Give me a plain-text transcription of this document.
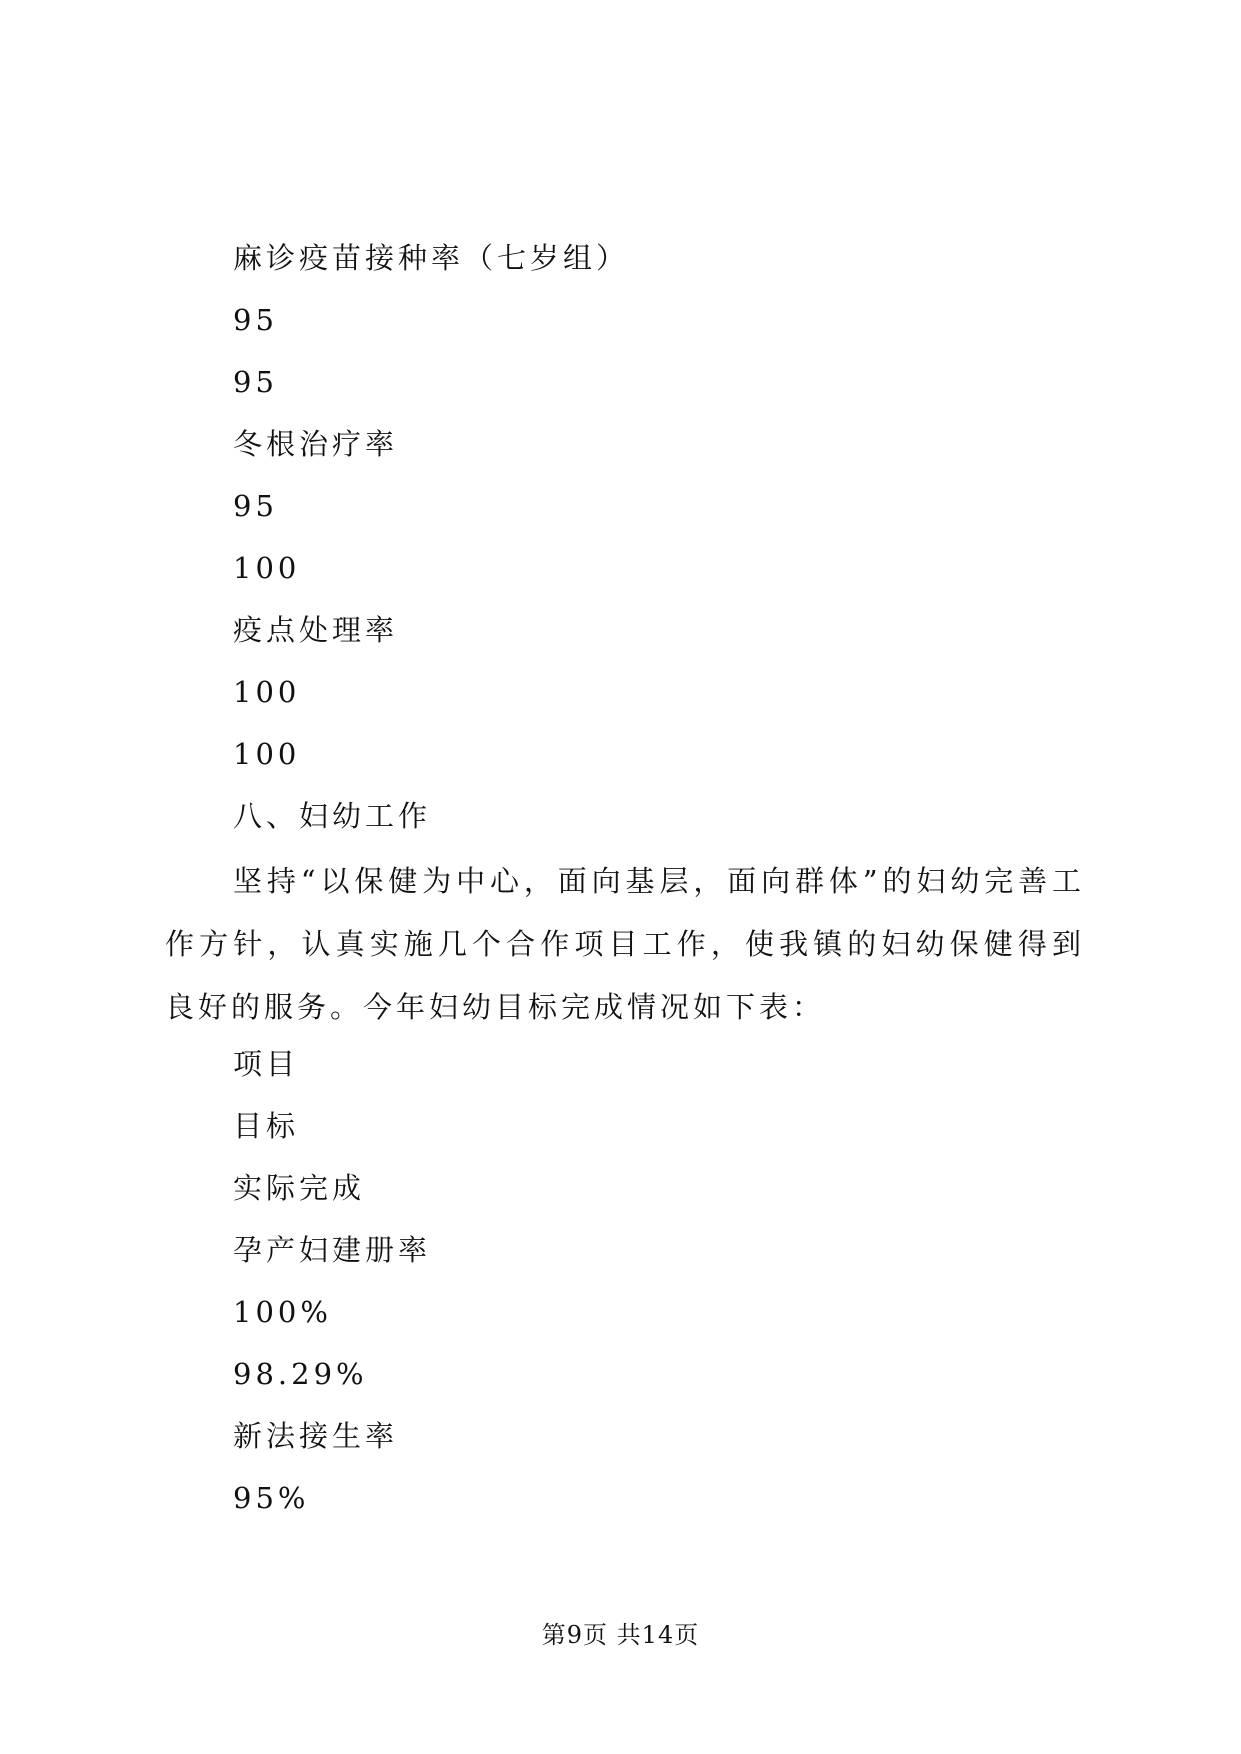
麻诊疫苗接种率（七岁组）
95
95
冬根治疗率
95
100
疫点处理率
100
100
八、妇幼工作

坚持“以保健为中心，面向基层，面向群体”的妇幼完善工作方针，认真实施几个合作项目工作，使我镇的妇幼保健得到良好的服务。今年妇幼目标完成情况如下表：

项目
目标
实际完成
孕产妇建册率
100%
98.29%
新法接生率
95%
第9页 共14页
